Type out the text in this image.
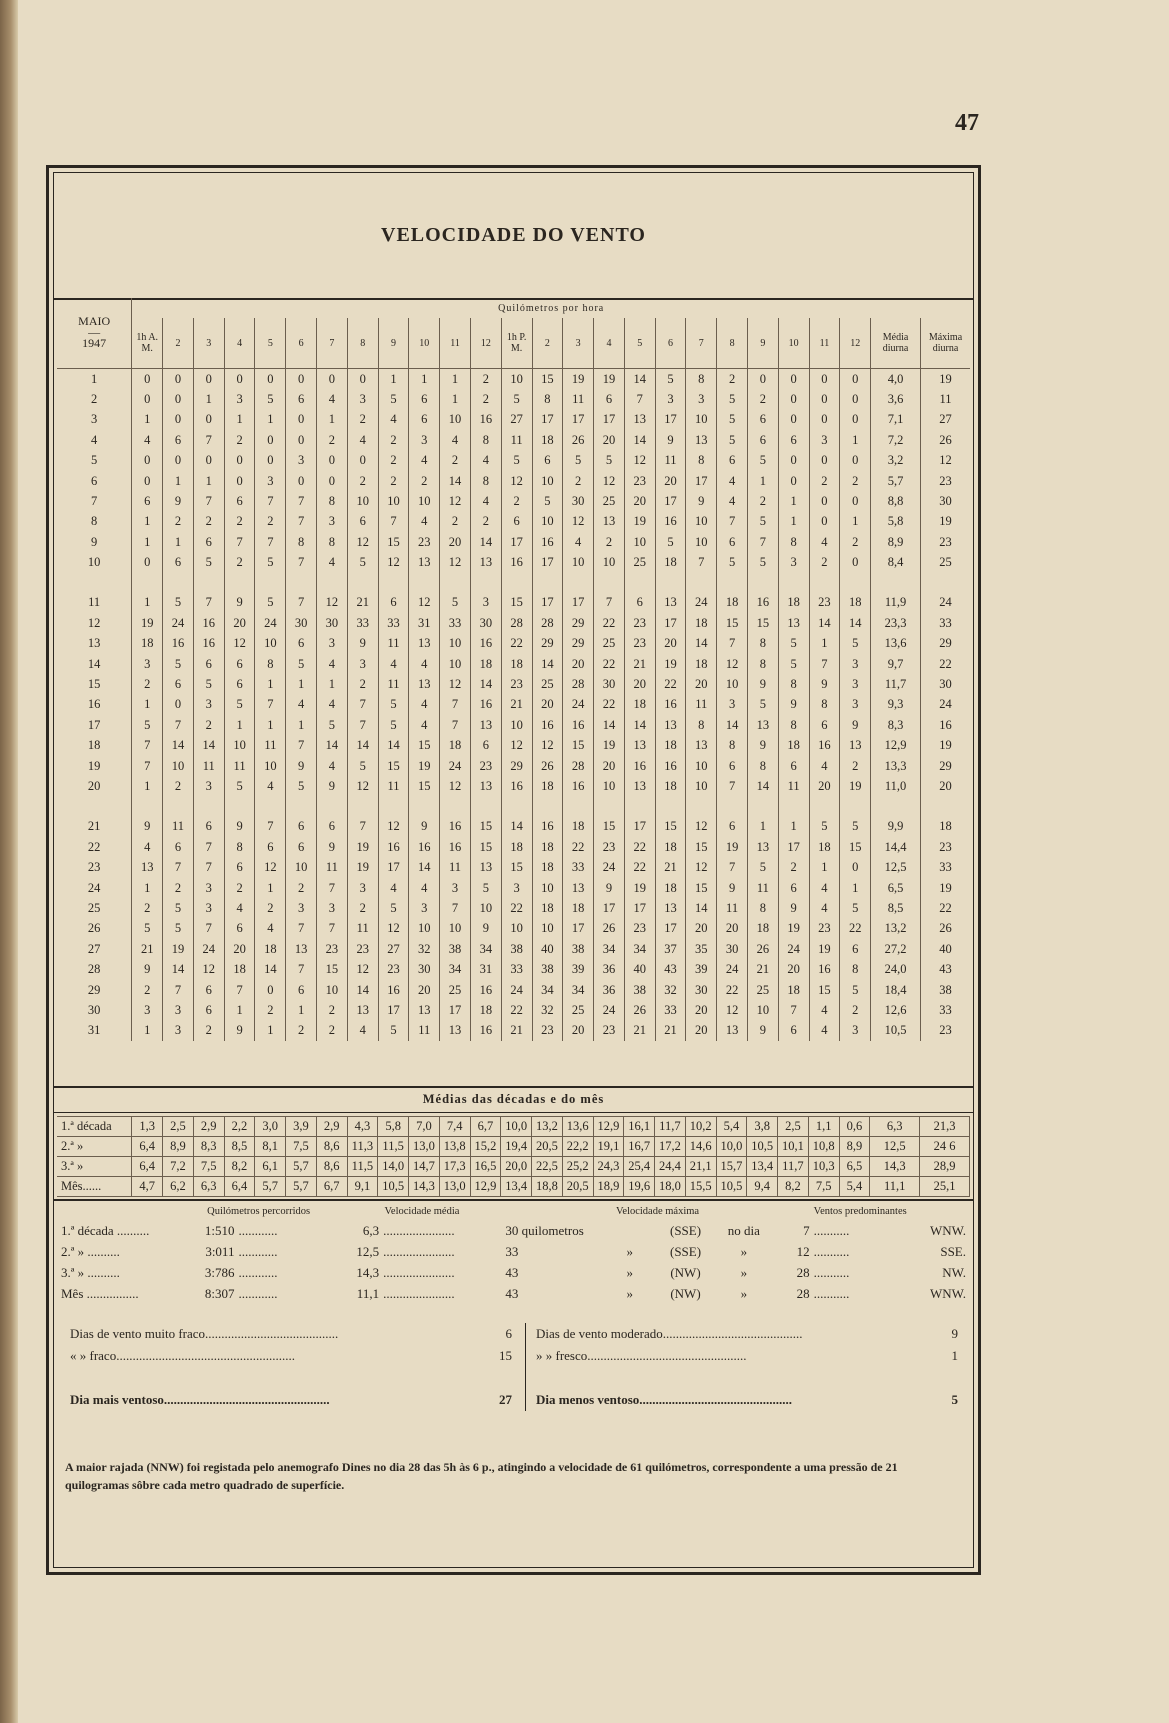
47
VELOCIDADE DO VENTO
MAIO
—
1947	Quilómetros por hora																									
	1h A. M.	2	3	4	5	6	7	8	9	10	11	12	1h P. M.	2	3	4	5	6	7	8	9	10	11	12	Média diurna	Máxima diurna
1	0	0	0	0	0	0	0	0	1	1	1	2	10	15	19	19	14	5	8	2	0	0	0	0	4,0	19
2	0	0	1	3	5	6	4	3	5	6	1	2	5	8	11	6	7	3	3	5	2	0	0	0	3,6	11
3	1	0	0	1	1	0	1	2	4	6	10	16	27	17	17	17	13	17	10	5	6	0	0	0	7,1	27
4	4	6	7	2	0	0	2	4	2	3	4	8	11	18	26	20	14	9	13	5	6	6	3	1	7,2	26
5	0	0	0	0	0	3	0	0	2	4	2	4	5	6	5	5	12	11	8	6	5	0	0	0	3,2	12
6	0	1	1	0	3	0	0	2	2	2	14	8	12	10	2	12	23	20	17	4	1	0	2	2	5,7	23
7	6	9	7	6	7	7	8	10	10	10	12	4	2	5	30	25	20	17	9	4	2	1	0	0	8,8	30
8	1	2	2	2	2	7	3	6	7	4	2	2	6	10	12	13	19	16	10	7	5	1	0	1	5,8	19
9	1	1	6	7	7	8	8	12	15	23	20	14	17	16	4	2	10	5	10	6	7	8	4	2	8,9	23
10	0	6	5	2	5	7	4	5	12	13	12	13	16	17	10	10	25	18	7	5	5	3	2	0	8,4	25

11	1	5	7	9	5	7	12	21	6	12	5	3	15	17	17	7	6	13	24	18	16	18	23	18	11,9	24
12	19	24	16	20	24	30	30	33	33	31	33	30	28	28	29	22	23	17	18	15	15	13	14	14	23,3	33
13	18	16	16	12	10	6	3	9	11	13	10	16	22	29	29	25	23	20	14	7	8	5	1	5	13,6	29
14	3	5	6	6	8	5	4	3	4	4	10	18	18	14	20	22	21	19	18	12	8	5	7	3	9,7	22
15	2	6	5	6	1	1	1	2	11	13	12	14	23	25	28	30	20	22	20	10	9	8	9	3	11,7	30
16	1	0	3	5	7	4	4	7	5	4	7	16	21	20	24	22	18	16	11	3	5	9	8	3	9,3	24
17	5	7	2	1	1	1	5	7	5	4	7	13	10	16	16	14	14	13	8	14	13	8	6	9	8,3	16
18	7	14	14	10	11	7	14	14	14	15	18	6	12	12	15	19	13	18	13	8	9	18	16	13	12,9	19
19	7	10	11	11	10	9	4	5	15	19	24	23	29	26	28	20	16	16	10	6	8	6	4	2	13,3	29
20	1	2	3	5	4	5	9	12	11	15	12	13	16	18	16	10	13	18	10	7	14	11	20	19	11,0	20

21	9	11	6	9	7	6	6	7	12	9	16	15	14	16	18	15	17	15	12	6	1	1	5	5	9,9	18
22	4	6	7	8	6	6	9	19	16	16	16	15	18	18	22	23	22	18	15	19	13	17	18	15	14,4	23
23	13	7	7	6	12	10	11	19	17	14	11	13	15	18	33	24	22	21	12	7	5	2	1	0	12,5	33
24	1	2	3	2	1	2	7	3	4	4	3	5	3	10	13	9	19	18	15	9	11	6	4	1	6,5	19
25	2	5	3	4	2	3	3	2	5	3	7	10	22	18	18	17	17	13	14	11	8	9	4	5	8,5	22
26	5	5	7	6	4	7	7	11	12	10	10	9	10	10	17	26	23	17	20	20	18	19	23	22	13,2	26
27	21	19	24	20	18	13	23	23	27	32	38	34	38	40	38	34	34	37	35	30	26	24	19	6	27,2	40
28	9	14	12	18	14	7	15	12	23	30	34	31	33	38	39	36	40	43	39	24	21	20	16	8	24,0	43
29	2	7	6	7	0	6	10	14	16	20	25	16	24	34	34	36	38	32	30	22	25	18	15	5	18,4	38
30	3	3	6	1	2	1	2	13	17	13	17	18	22	32	25	24	26	33	20	12	10	7	4	2	12,6	33
31	1	3	2	9	1	2	2	4	5	11	13	16	21	23	20	23	21	21	20	13	9	6	4	3	10,5	23
Médias das décadas e do mês
1.ª década	1,3	2,5	2,9	2,2	3,0	3,9	2,9	4,3	5,8	7,0	7,4	6,7	10,0	13,2	13,6	12,9	16,1	11,7	10,2	5,4	3,8	2,5	1,1	0,6	6,3	21,3
2.ª »	6,4	8,9	8,3	8,5	8,1	7,5	8,6	11,3	11,5	13,0	13,8	15,2	19,4	20,5	22,2	19,1	16,7	17,2	14,6	10,0	10,5	10,1	10,8	8,9	12,5	24 6
3.ª »	6,4	7,2	7,5	8,2	6,1	5,7	8,6	11,5	14,0	14,7	17,3	16,5	20,0	22,5	25,2	24,3	25,4	24,4	21,1	15,7	13,4	11,7	10,3	6,5	14,3	28,9
Mês......	4,7	6,2	6,3	6,4	5,7	5,7	6,7	9,1	10,5	14,3	13,0	12,9	13,4	18,8	20,5	18,9	19,6	18,0	15,5	10,5	9,4	8,2	7,5	5,4	11,1	25,1
	Quilómetros percorridos		Velocidade média		Velocidade máxima					Ventos predominantes	
1.ª década ..........	1:510	............	6,3	......................	30 quilometros		(SSE)	no dia	7	...........	WNW.
2.ª » ..........	3:011	............	12,5	......................	33	»	(SSE)	»	12	...........	SSE.
3.ª » ..........	3:786	............	14,3	......................	43	»	(NW)	»	28	...........	NW.
Mês ................	8:307	............	11,1	......................	43	»	(NW)	»	28	...........	WNW.
Dias de vento muito fraco.........................................	6		Dias de vento moderado...........................................	9
« » fraco.......................................................	15		» » fresco.................................................	1

Dia mais ventoso...................................................	27		Dia menos ventoso...............................................	5
A maior rajada (NNW) foi registada pelo anemografo Dines no dia 28 das 5h às 6 p., atingindo a velocidade de 61 quilómetros, correspondente a uma pressão de 21 quilogramas sôbre cada metro quadrado de superfície.
